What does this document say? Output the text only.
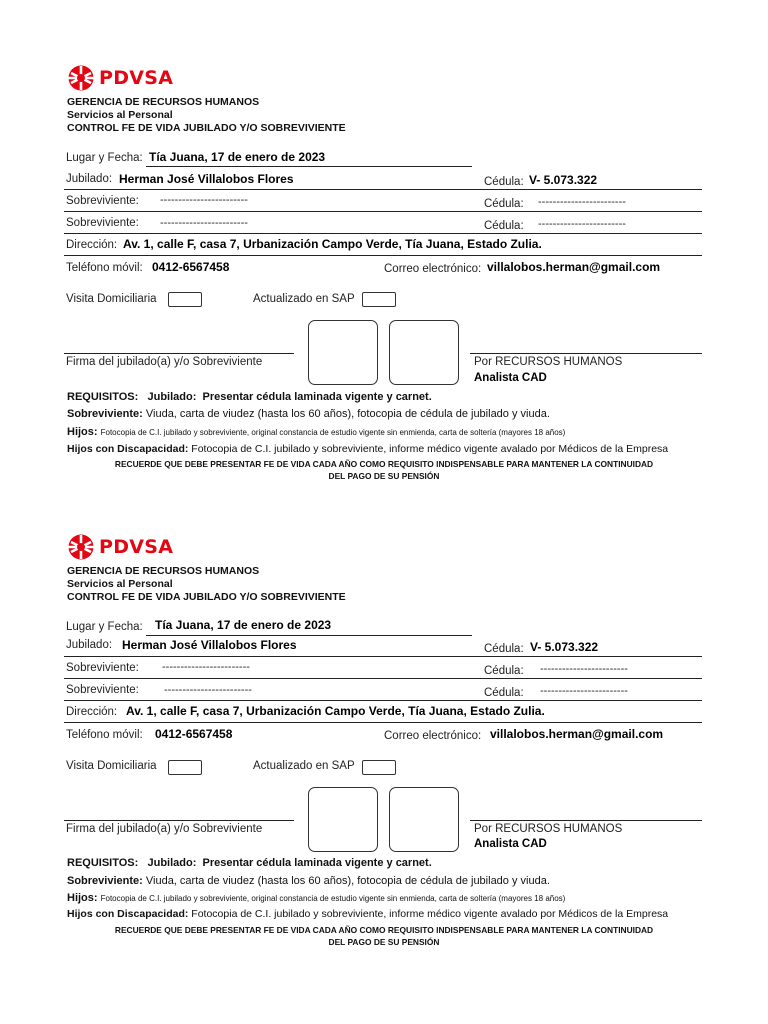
PDVSA
GERENCIA DE RECURSOS HUMANOS
Servicios al Personal
CONTROL FE DE VIDA JUBILADO Y/O SOBREVIVIENTE
Lugar y Fecha: Tía Juana, 17 de enero de 2023
Jubilado: Herman José Villalobos Flores	Cédula: V- 5.073.322
Sobreviviente: ------------------------	Cédula: ------------------------
Sobreviviente: ------------------------	Cédula: ------------------------
Dirección: Av. 1, calle F, casa 7, Urbanización Campo Verde, Tía Juana, Estado Zulia.
Teléfono móvil: 0412-6567458	Correo electrónico: villalobos.herman@gmail.com
Visita Domiciliaria	Actualizado en SAP
Firma del jubilado(a) y/o Sobreviviente	Por RECURSOS HUMANOS
Analista CAD
REQUISITOS: Jubilado: Presentar cédula laminada vigente y carnet.
Sobreviviente: Viuda, carta de viudez (hasta los 60 años), fotocopia de cédula de jubilado y viuda.
Hijos: Fotocopia de C.I. jubilado y sobreviviente, original constancia de estudio vigente sin enmienda, carta de soltería (mayores 18 años)
Hijos con Discapacidad: Fotocopia de C.I. jubilado y sobreviviente, informe médico vigente avalado por Médicos de la Empresa
RECUERDE QUE DEBE PRESENTAR FE DE VIDA CADA AÑO COMO REQUISITO INDISPENSABLE PARA MANTENER LA CONTINUIDAD
DEL PAGO DE SU PENSIÓN
PDVSA
GERENCIA DE RECURSOS HUMANOS
Servicios al Personal
CONTROL FE DE VIDA JUBILADO Y/O SOBREVIVIENTE
Lugar y Fecha: Tía Juana, 17 de enero de 2023
Jubilado: Herman José Villalobos Flores	Cédula: V- 5.073.322
Sobreviviente: ------------------------	Cédula: ------------------------
Sobreviviente: ------------------------	Cédula: ------------------------
Dirección: Av. 1, calle F, casa 7, Urbanización Campo Verde, Tía Juana, Estado Zulia.
Teléfono móvil: 0412-6567458	Correo electrónico: villalobos.herman@gmail.com
Visita Domiciliaria	Actualizado en SAP
Firma del jubilado(a) y/o Sobreviviente	Por RECURSOS HUMANOS
Analista CAD
REQUISITOS: Jubilado: Presentar cédula laminada vigente y carnet.
Sobreviviente: Viuda, carta de viudez (hasta los 60 años), fotocopia de cédula de jubilado y viuda.
Hijos: Fotocopia de C.I. jubilado y sobreviviente, original constancia de estudio vigente sin enmienda, carta de soltería (mayores 18 años)
Hijos con Discapacidad: Fotocopia de C.I. jubilado y sobreviviente, informe médico vigente avalado por Médicos de la Empresa
RECUERDE QUE DEBE PRESENTAR FE DE VIDA CADA AÑO COMO REQUISITO INDISPENSABLE PARA MANTENER LA CONTINUIDAD
DEL PAGO DE SU PENSIÓN
